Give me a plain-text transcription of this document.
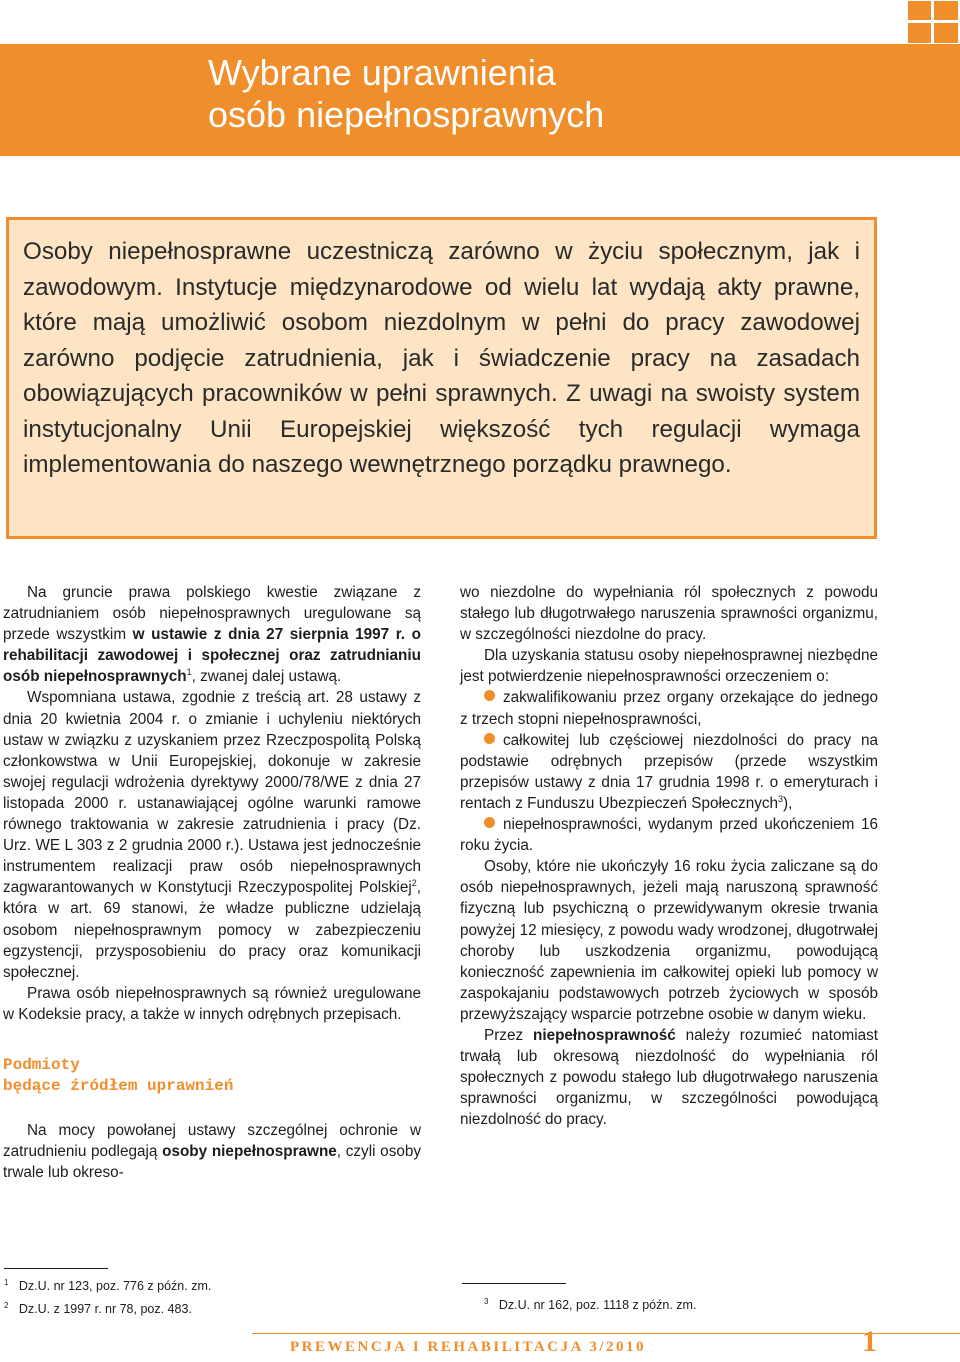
Wybrane uprawnienia
osób niepełnosprawnych

Osoby niepełnosprawne uczestniczą zarówno w życiu społecznym, jak i zawodowym. Instytucje międzynarodowe od wielu lat wydają akty prawne, które mają umożliwić osobom niezdolnym w pełni do pracy zawodowej zarówno podjęcie zatrudnienia, jak i świadczenie pracy na zasadach obowiązujących pracowników w pełni sprawnych. Z uwagi na swoisty system instytucjonalny Unii Europejskiej większość tych regulacji wymaga implementowania do naszego wewnętrznego porządku prawnego.

Na gruncie prawa polskiego kwestie związane z zatrudnianiem osób niepełnosprawnych uregulowane są przede wszystkim w ustawie z dnia 27 sierpnia 1997 r. o rehabilitacji zawodowej i społecznej oraz zatrudnianiu osób niepełnosprawnych$^1$, zwanej dalej ustawą.

Wspomniana ustawa, zgodnie z treścią art. 28 ustawy z dnia 20 kwietnia 2004 r. o zmianie i uchyleniu niektórych ustaw w związku z uzyskaniem przez Rzeczpospolitą Polską członkowstwa w Unii Europejskiej, dokonuje w zakresie swojej regulacji wdrożenia dyrektywy 2000/78/WE z dnia 27 listopada 2000 r. ustanawiającej ogólne warunki ramowe równego traktowania w zakresie zatrudnienia i pracy (Dz. Urz. WE L 303 z 2 grudnia 2000 r.). Ustawa jest jednocześnie instrumentem realizacji praw osób niepełnosprawnych zagwarantowanych w Konstytucji Rzeczypospolitej Polskiej$^2$, która w art. 69 stanowi, że władze publiczne udzielają osobom niepełnosprawnym pomocy w zabezpieczeniu egzystencji, przysposobieniu do pracy oraz komunikacji społecznej.

Prawa osób niepełnosprawnych są również uregulowane w Kodeksie pracy, a także w innych odrębnych przepisach.

Podmioty
będące źródłem uprawnień

Na mocy powołanej ustawy szczególnej ochronie w zatrudnieniu podlegają osoby niepełnosprawne, czyli osoby trwale lub okreso-

$^1$ Dz.U. nr 123, poz. 776 z późn. zm.
$^2$ Dz.U. z 1997 r. nr 78, poz. 483.

wo niezdolne do wypełniania ról społecznych z powodu stałego lub długotrwałego naruszenia sprawności organizmu, w szczególności niezdolne do pracy.

Dla uzyskania statusu osoby niepełnosprawnej niezbędne jest potwierdzenie niepełnosprawności orzeczeniem o:

zakwalifikowaniu przez organy orzekające do jednego z trzech stopni niepełnosprawności,

całkowitej lub częściowej niezdolności do pracy na podstawie odrębnych przepisów (przede wszystkim przepisów ustawy z dnia 17 grudnia 1998 r. o emeryturach i rentach z Funduszu Ubezpieczeń Społecznych$^3$),

niepełnosprawności, wydanym przed ukończeniem 16 roku życia.

Osoby, które nie ukończyły 16 roku życia zaliczane są do osób niepełnosprawnych, jeżeli mają naruszoną sprawność fizyczną lub psychiczną o przewidywanym okresie trwania powyżej 12 miesięcy, z powodu wady wrodzonej, długotrwałej choroby lub uszkodzenia organizmu, powodującą konieczność zapewnienia im całkowitej opieki lub pomocy w zaspokajaniu podstawowych potrzeb życiowych w sposób przewyższający wsparcie potrzebne osobie w danym wieku.

Przez niepełnosprawność należy rozumieć natomiast trwałą lub okresową niezdolność do wypełniania ról społecznych z powodu stałego lub długotrwałego naruszenia sprawności organizmu, w szczególności powodującą niezdolność do pracy.

$^3$ Dz.U. nr 162, poz. 1118 z późn. zm.
PREWENCJA I REHABILITACJA 3/2010	1
